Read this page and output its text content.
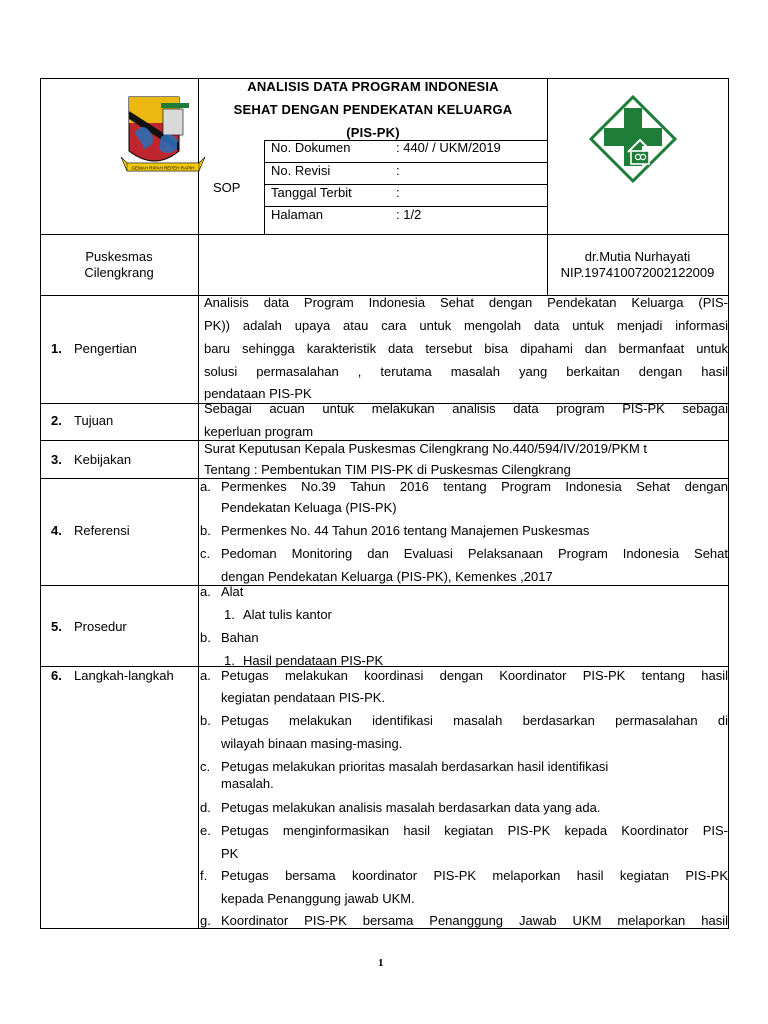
GEMAH RIPAH REPEH RAPIH
ANALISIS DATA PROGRAM INDONESIA
SEHAT DENGAN PENDEKATAN KELUARGA
(PIS-PK)
SOP
No. Dokumen	: 440/ / UKM/2019
No. Revisi	:
Tanggal Terbit	:
Halaman	: 1/2
Puskesmas
Cilengkrang
dr.Mutia Nurhayati
NIP.197410072002122009
1. Pengertian
Analisis data Program Indonesia Sehat dengan Pendekatan Keluarga (PIS-
PK)) adalah upaya atau cara untuk mengolah data untuk menjadi informasi
baru sehingga karakteristik data tersebut bisa dipahami dan bermanfaat untuk
solusi permasalahan , terutama masalah yang berkaitan dengan hasil
pendataan PIS-PK
2. Tujuan
Sebagai acuan untuk melakukan analisis data program PIS-PK sebagai
keperluan program
3. Kebijakan
Surat Keputusan Kepala Puskesmas Cilengkrang No.440/594/IV/2019/PKM t
Tentang : Pembentukan TIM PIS-PK di Puskesmas Cilengkrang
4. Referensi
a. Permenkes No.39 Tahun 2016 tentang Program Indonesia Sehat dengan
Pendekatan Keluaga (PIS-PK)
b. Permenkes No. 44 Tahun 2016 tentang Manajemen Puskesmas
c. Pedoman Monitoring dan Evaluasi Pelaksanaan Program Indonesia Sehat
dengan Pendekatan Keluarga (PIS-PK), Kemenkes ,2017
5. Prosedur
a. Alat
1. Alat tulis kantor
b. Bahan
1. Hasil pendataan PIS-PK
6. Langkah-langkah a. Petugas melakukan koordinasi dengan Koordinator PIS-PK tentang hasil
kegiatan pendataan PIS-PK.
b. Petugas melakukan identifikasi masalah berdasarkan permasalahan di
wilayah binaan masing-masing.
c. Petugas melakukan prioritas masalah berdasarkan hasil identifikasi
masalah.
d. Petugas melakukan analisis masalah berdasarkan data yang ada.
e. Petugas menginformasikan hasil kegiatan PIS-PK kepada Koordinator PIS-
PK
f. Petugas bersama koordinator PIS-PK melaporkan hasil kegiatan PIS-PK
kepada Penanggung jawab UKM.
g. Koordinator PIS-PK bersama Penanggung Jawab UKM melaporkan hasil
1
